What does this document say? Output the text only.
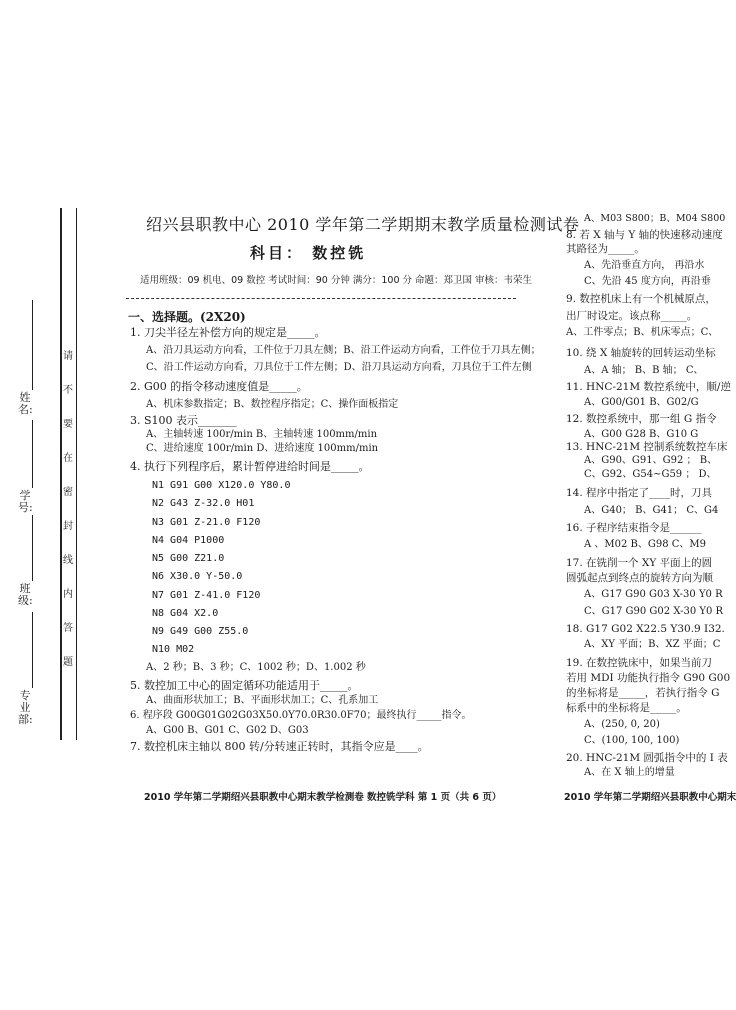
姓名:
学号:
班级:
专业部:
请 不 要 在 密 封 线 内 答 题
绍兴县职教中心 2010 学年第二学期期末教学质量检测试卷
科目： 数控铣
适用班级：09 机电、09 数控 考试时间：90 分钟 满分：100 分 命题：郑卫国 审核：韦荣生
一、选择题。(2X20)
1. 刀尖半径左补偿方向的规定是_____。
A、沿刀具运动方向看，工件位于刀具左侧；B、沿工件运动方向看，工件位于刀具左侧；
C、沿工件运动方向看，刀具位于工件左侧；D、沿刀具运动方向看，刀具位于工件左侧
2. G00 的指令移动速度值是_____。
A、机床参数指定；B、数控程序指定；C、操作面板指定
3. S100 表示_______
A、主轴转速 100r/min B、主轴转速 100mm/min
C、进给速度 100r/min D、进给速度 100mm/min
4. 执行下列程序后，累计暂停进给时间是_____。
N1 G91 G00 X120.0 Y80.0
N2 G43 Z-32.0 H01
N3 G01 Z-21.0 F120
N4 G04 P1000
N5 G00 Z21.0
N6 X30.0 Y-50.0
N7 G01 Z-41.0 F120
N8 G04 X2.0
N9 G49 G00 Z55.0
N10 M02
A、2 秒；B、3 秒；C、1002 秒；D、1.002 秒
5. 数控加工中心的固定循环功能适用于_____。
A、曲面形状加工；B、平面形状加工；C、孔系加工
6. 程序段 G00G01G02G03X50.0Y70.0R30.0F70；最终执行_____指令。
A、G00 B、G01 C、G02 D、G03
7. 数控机床主轴以 800 转/分转速正转时，其指令应是____。
2010 学年第二学期绍兴县职教中心期末教学检测卷 数控铣学科 第 1 页（共 6 页）	2010 学年第二学期绍兴县职教中心期末
A、M03 S800；B、M04 S800
8. 若 X 轴与 Y 轴的快速移动速度
其路径为_____。
A、先沿垂直方向， 再沿水
C、先沿 45 度方向，再沿垂
9. 数控机床上有一个机械原点，
出厂时设定。该点称_____。
A、工件零点；B、机床零点；C、
10. 绕 X 轴旋转的回转运动坐标
A、A 轴； B、B 轴； C、
11. HNC-21M 数控系统中，顺/逆
A、G00/G01 B、G02/G
12. 数控系统中，那一组 G 指令
A、G00 G28 B、G10 G
13. HNC-21M 控制系统数控车床
A、G90、G91、G92 ； B、
C、G92、G54~G59 ； D、
14. 程序中指定了____时，刀具
A、G40； B、G41； C、G4
16. 子程序结束指令是______
A 、M02 B、G98 C、M9
17. 在铣削一个 XY 平面上的圆
圆弧起点到终点的旋转方向为顺
A、G17 G90 G03 X-30 Y0 R
C、G17 G90 G02 X-30 Y0 R
18. G17 G02 X22.5 Y30.9 I32.
A、XY 平面；B、XZ 平面；C
19. 在数控铣床中，如果当前刀
若用 MDI 功能执行指令 G90 G00
的坐标将是_____，若执行指令 G
标系中的坐标将是_____。
A、(250, 0, 20)
C、(100, 100, 100)
20. HNC-21M 圆弧指令中的 I 表
A、在 X 轴上的增量
